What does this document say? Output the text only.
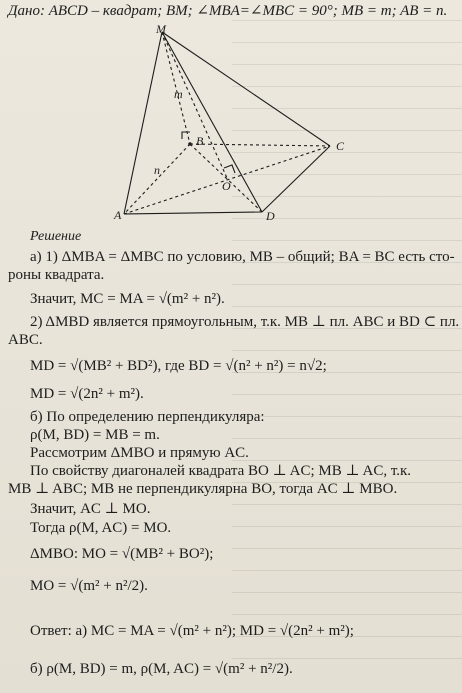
Дано: ABCD – квадрат; BM; ∠MBA=∠MBC = 90°; MB = m; AB = n.
M
m
B	C
n
O
A	D
Решение
а) 1) ΔMBA = ΔMBC по условию, MB – общий; BA = BC есть сто-
роны квадрата.
Значит, MC = MA = √(m² + n²).
2) ΔMBD является прямоугольным, т.к. MB ⊥ пл. ABC и BD ⊂ пл.
ABC.
MD = √(MB² + BD²), где BD = √(n² + n²) = n√2;
MD = √(2n² + m²).
б) По определению перпендикуляра:
ρ(M, BD) = MB = m.
Рассмотрим ΔMBO и прямую AC.
По свойству диагоналей квадрата BO ⊥ AC; MB ⊥ AC, т.к.
MB ⊥ ABC; MB не перпендикулярна BO, тогда AC ⊥ MBO.
Значит, AC ⊥ MO.
Тогда ρ(M, AC) = MO.
ΔMBO: MO = √(MB² + BO²);
MO = √(m² + n²/2).
Ответ: а) MC = MA = √(m² + n²); MD = √(2n² + m²);
б) ρ(M, BD) = m, ρ(M, AC) = √(m² + n²/2).
